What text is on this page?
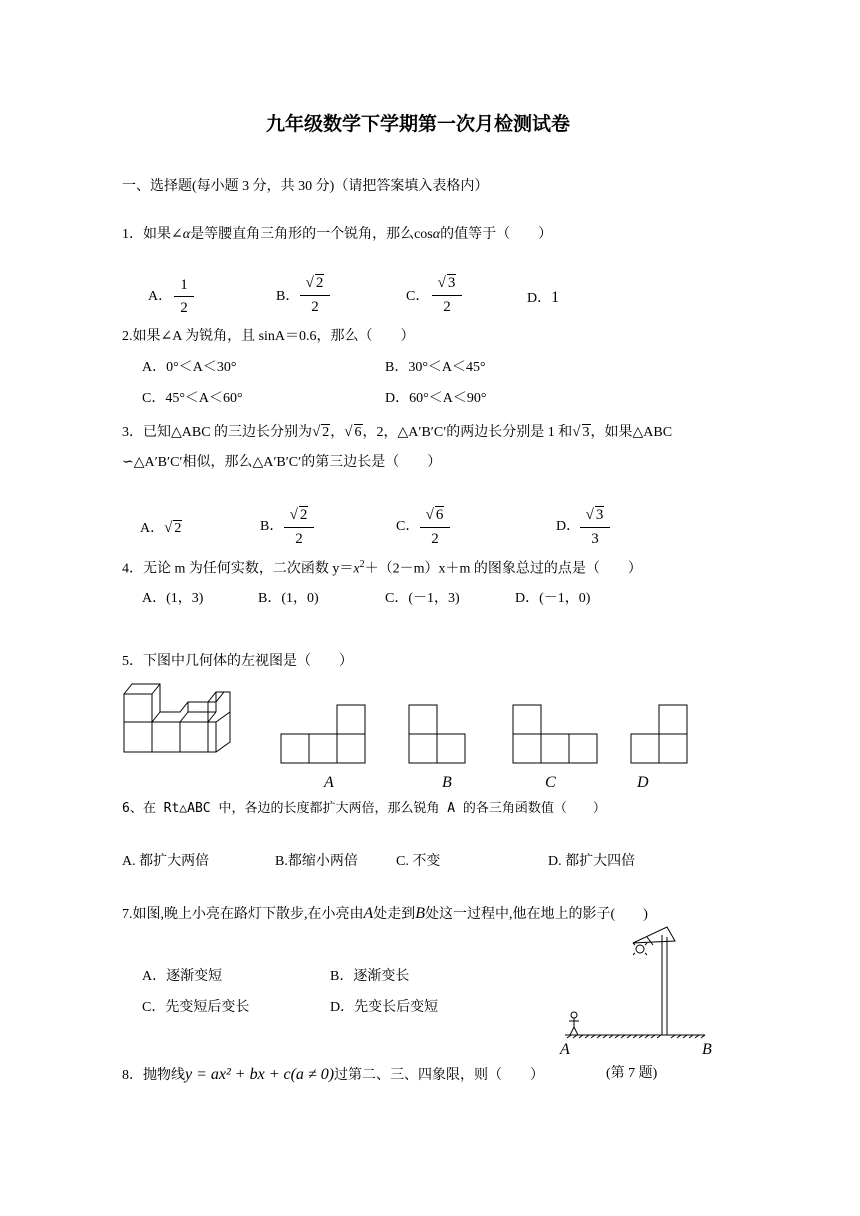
九年级数学下学期第一次月检测试卷
一、选择题(每小题 3 分，共 30 分)（请把答案填入表格内）
1．如果∠α是等腰直角三角形的一个锐角，那么cosα的值等于（　　）
A．
1
2
B．
√ 2
2
C．
√ 3
2	D．1
2.如果∠A 为锐角，且 sinA＝0.6，那么（　　）
A．0°＜A＜30°	B．30°＜A＜45°
C．45°＜A＜60°	D．60°＜A＜90°
3．已知△ABC 的三边长分别为√ 2，√ 6，2，△A′B′C′的两边长分别是 1 和√ 3，如果△ABC
∽△A′B′C′相似，那么△A′B′C′的第三边长是（　　）
A．√ 2	B．
√ 2
2
C．
√ 6
2
D．
√ 3
3
4．无论 m 为任何实数，二次函数 $y=x^2+(2-m)x+m$ 的图象总过的点是（　　）
A．(1，3)	B．(1，0)	C．(－1，3)	D．(－1，0)
5．下图中几何体的左视图是（　　）
A	B	C	D
6、在 Rt△ABC 中，各边的长度都扩大两倍，那么锐角 A 的各三角函数值（　　）
A. 都扩大两倍	B.都缩小两倍	C. 不变	D. 都扩大四倍
7.如图,晚上小亮在路灯下散步,在小亮由A处走到B处这一过程中,他在地上的影子(　　)
A．逐渐变短	B．逐渐变长
C．先变短后变长	D．先变长后变短
A	B
8．抛物线y = ax² + bx + c(a ≠ 0)过第二、三、四象限，则（　　）	(第 7 题)
